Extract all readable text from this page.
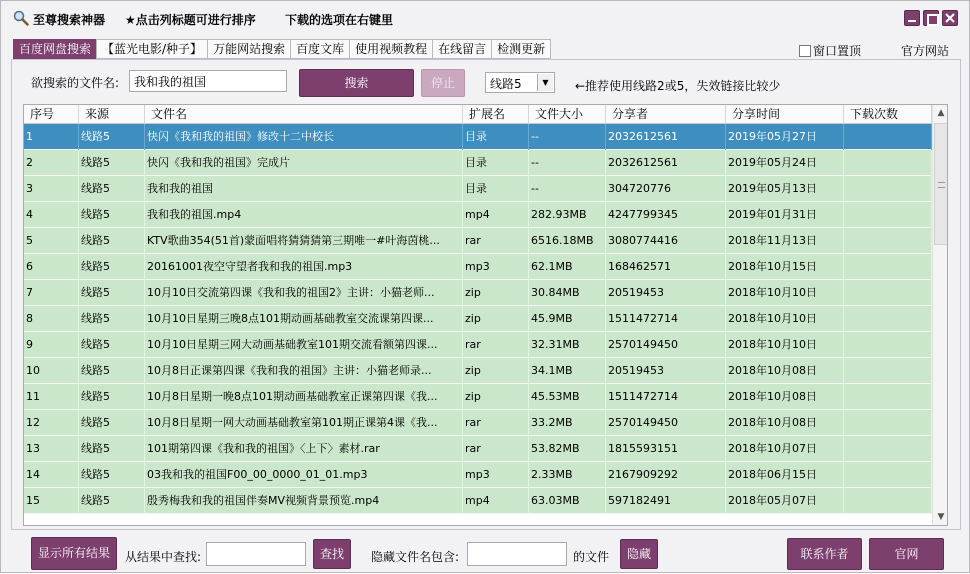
至尊搜索神器 ★点击列标题可进行排序 下载的选项在右键里
百度网盘搜索 【蓝光电影/种子】 万能网站搜索 百度文库 使用视频教程 在线留言 检测更新	窗口置顶	官方网站
欲搜索的文件名:
我和我的祖国	搜索	停止	线路5	▼	←推荐使用线路2或5，失效链接比较少
序号	来源	文件名	扩展名	文件大小	分享者	分享时间	下载次数
1	线路5	快闪《我和我的祖国》修改十二中校长	目录	--	2032612561	2019年05月27日
2	线路5	快闪《我和我的祖国》完成片	目录	--	2032612561	2019年05月24日
3	线路5	我和我的祖国	目录	--	304720776	2019年05月13日
4	线路5	我和我的祖国.mp4	mp4	282.93MB	4247799345	2019年01月31日
5	线路5	KTV歌曲354(51首)蒙面唱将猜猜猜第三期唯一#叶海茵桃...	rar	6516.18MB	3080774416	2018年11月13日
6	线路5	20161001夜空守望者我和我的祖国.mp3	mp3	62.1MB	168462571	2018年10月15日
7	线路5	10月10日交流第四课《我和我的祖国2》主讲：小猫老师...	zip	30.84MB	20519453	2018年10月10日
8	线路5	10月10日星期三晚8点101期动画基础教室交流课第四课...	zip	45.9MB	1511472714	2018年10月10日
9	线路5	10月10日星期三网大动画基础教室101期交流看额第四课...	rar	32.31MB	2570149450	2018年10月10日
10	线路5	10月8日正课第四课《我和我的祖国》主讲：小猫老师录...	zip	34.1MB	20519453	2018年10月08日
11	线路5	10月8日星期一晚8点101期动画基础教室正课第四课《我...	zip	45.53MB	1511472714	2018年10月08日
12	线路5	10月8日星期一网大动画基础教室第101期正课第4课《我...	rar	33.2MB	2570149450	2018年10月08日
13	线路5	101期第四课《我和我的祖国》〈上下〉素材.rar	rar	53.82MB	1815593151	2018年10月07日
14	线路5	03我和我的祖国F00_00_0000_01_01.mp3	mp3	2.33MB	2167909292	2018年06月15日
15	线路5	殷秀梅我和我的祖国伴奏MV视频背景预览.mp4	mp4	63.03MB	597182491	2018年05月07日
▲
▼
显示所有结果	从结果中查找:	查找	隐藏文件名包含:	的文件	隐藏	联系作者	官网
